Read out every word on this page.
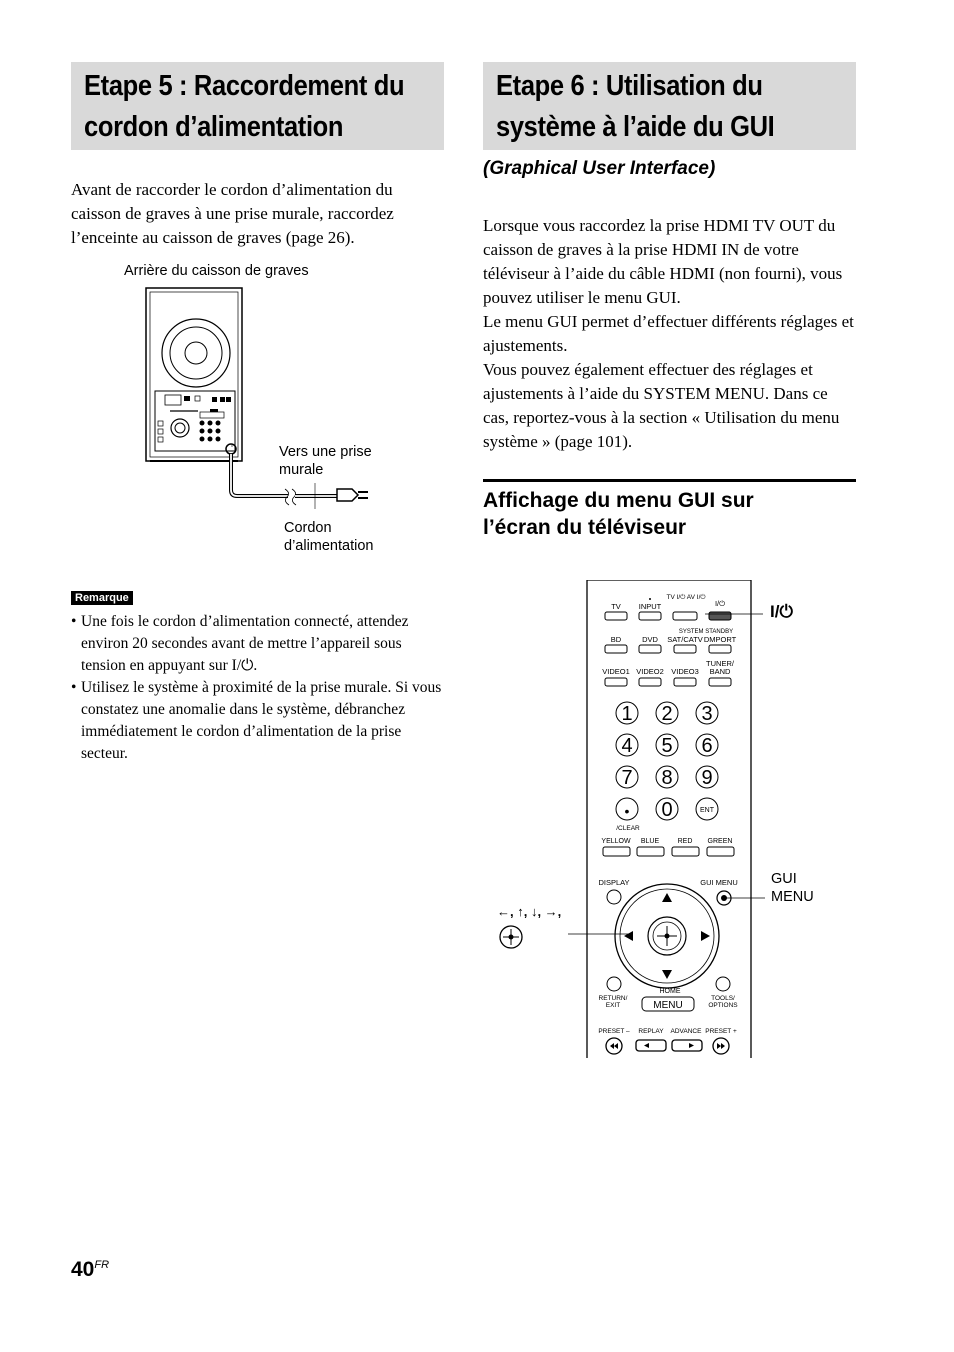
Etape 5 : Raccordement du
cordon d’alimentation
Etape 6 : Utilisation du
système à l’aide du GUI
Avant de raccorder le cordon d’alimentation du caisson de graves à une prise murale, raccordez l’enceinte au caisson de graves (page 26).
Arrière du caisson de graves
Vers une prise
murale
Cordon
d’alimentation
Remarque
• Une fois le cordon d’alimentation connecté, attendez environ 20 secondes avant de mettre l’appareil sous tension en appuyant sur I/⏻.
• Utilisez le système à proximité de la prise murale. Si vous constatez une anomalie dans le système, débranchez immédiatement le cordon d’alimentation de la prise secteur.
(Graphical User Interface)
Lorsque vous raccordez la prise HDMI TV OUT du caisson de graves à la prise HDMI IN de votre téléviseur à l’aide du câble HDMI (non fourni), vous pouvez utiliser le menu GUI.
Le menu GUI permet d’effectuer différents réglages et ajustements.
Vous pouvez également effectuer des réglages et ajustements à l’aide du SYSTEM MENU. Dans ce cas, reportez-vous à la section « Utilisation du menu système » (page 101).
Affichage du menu GUI sur
l’écran du téléviseur
TV INPUT
TV I/⏻ AV I/⏻
I/⏻
SYSTEM STANDBY
BD	DVD SAT/CATV DMPORT
TUNER/
BAND
VIDEO1 VIDEO2 VIDEO3
1 2 3
4 5 6
7 8 9
• 0	ENT
/CLEAR
YELLOW BLUE	RED GREEN
DISPLAY	GUI MENU
RETURN/
EXIT
HOME
MENU
TOOLS/
OPTIONS
PRESET – REPLAY ADVANCE PRESET +
I/⏻
GUI
MENU
←, ↑, ↓, →,
$40^{FR}$
